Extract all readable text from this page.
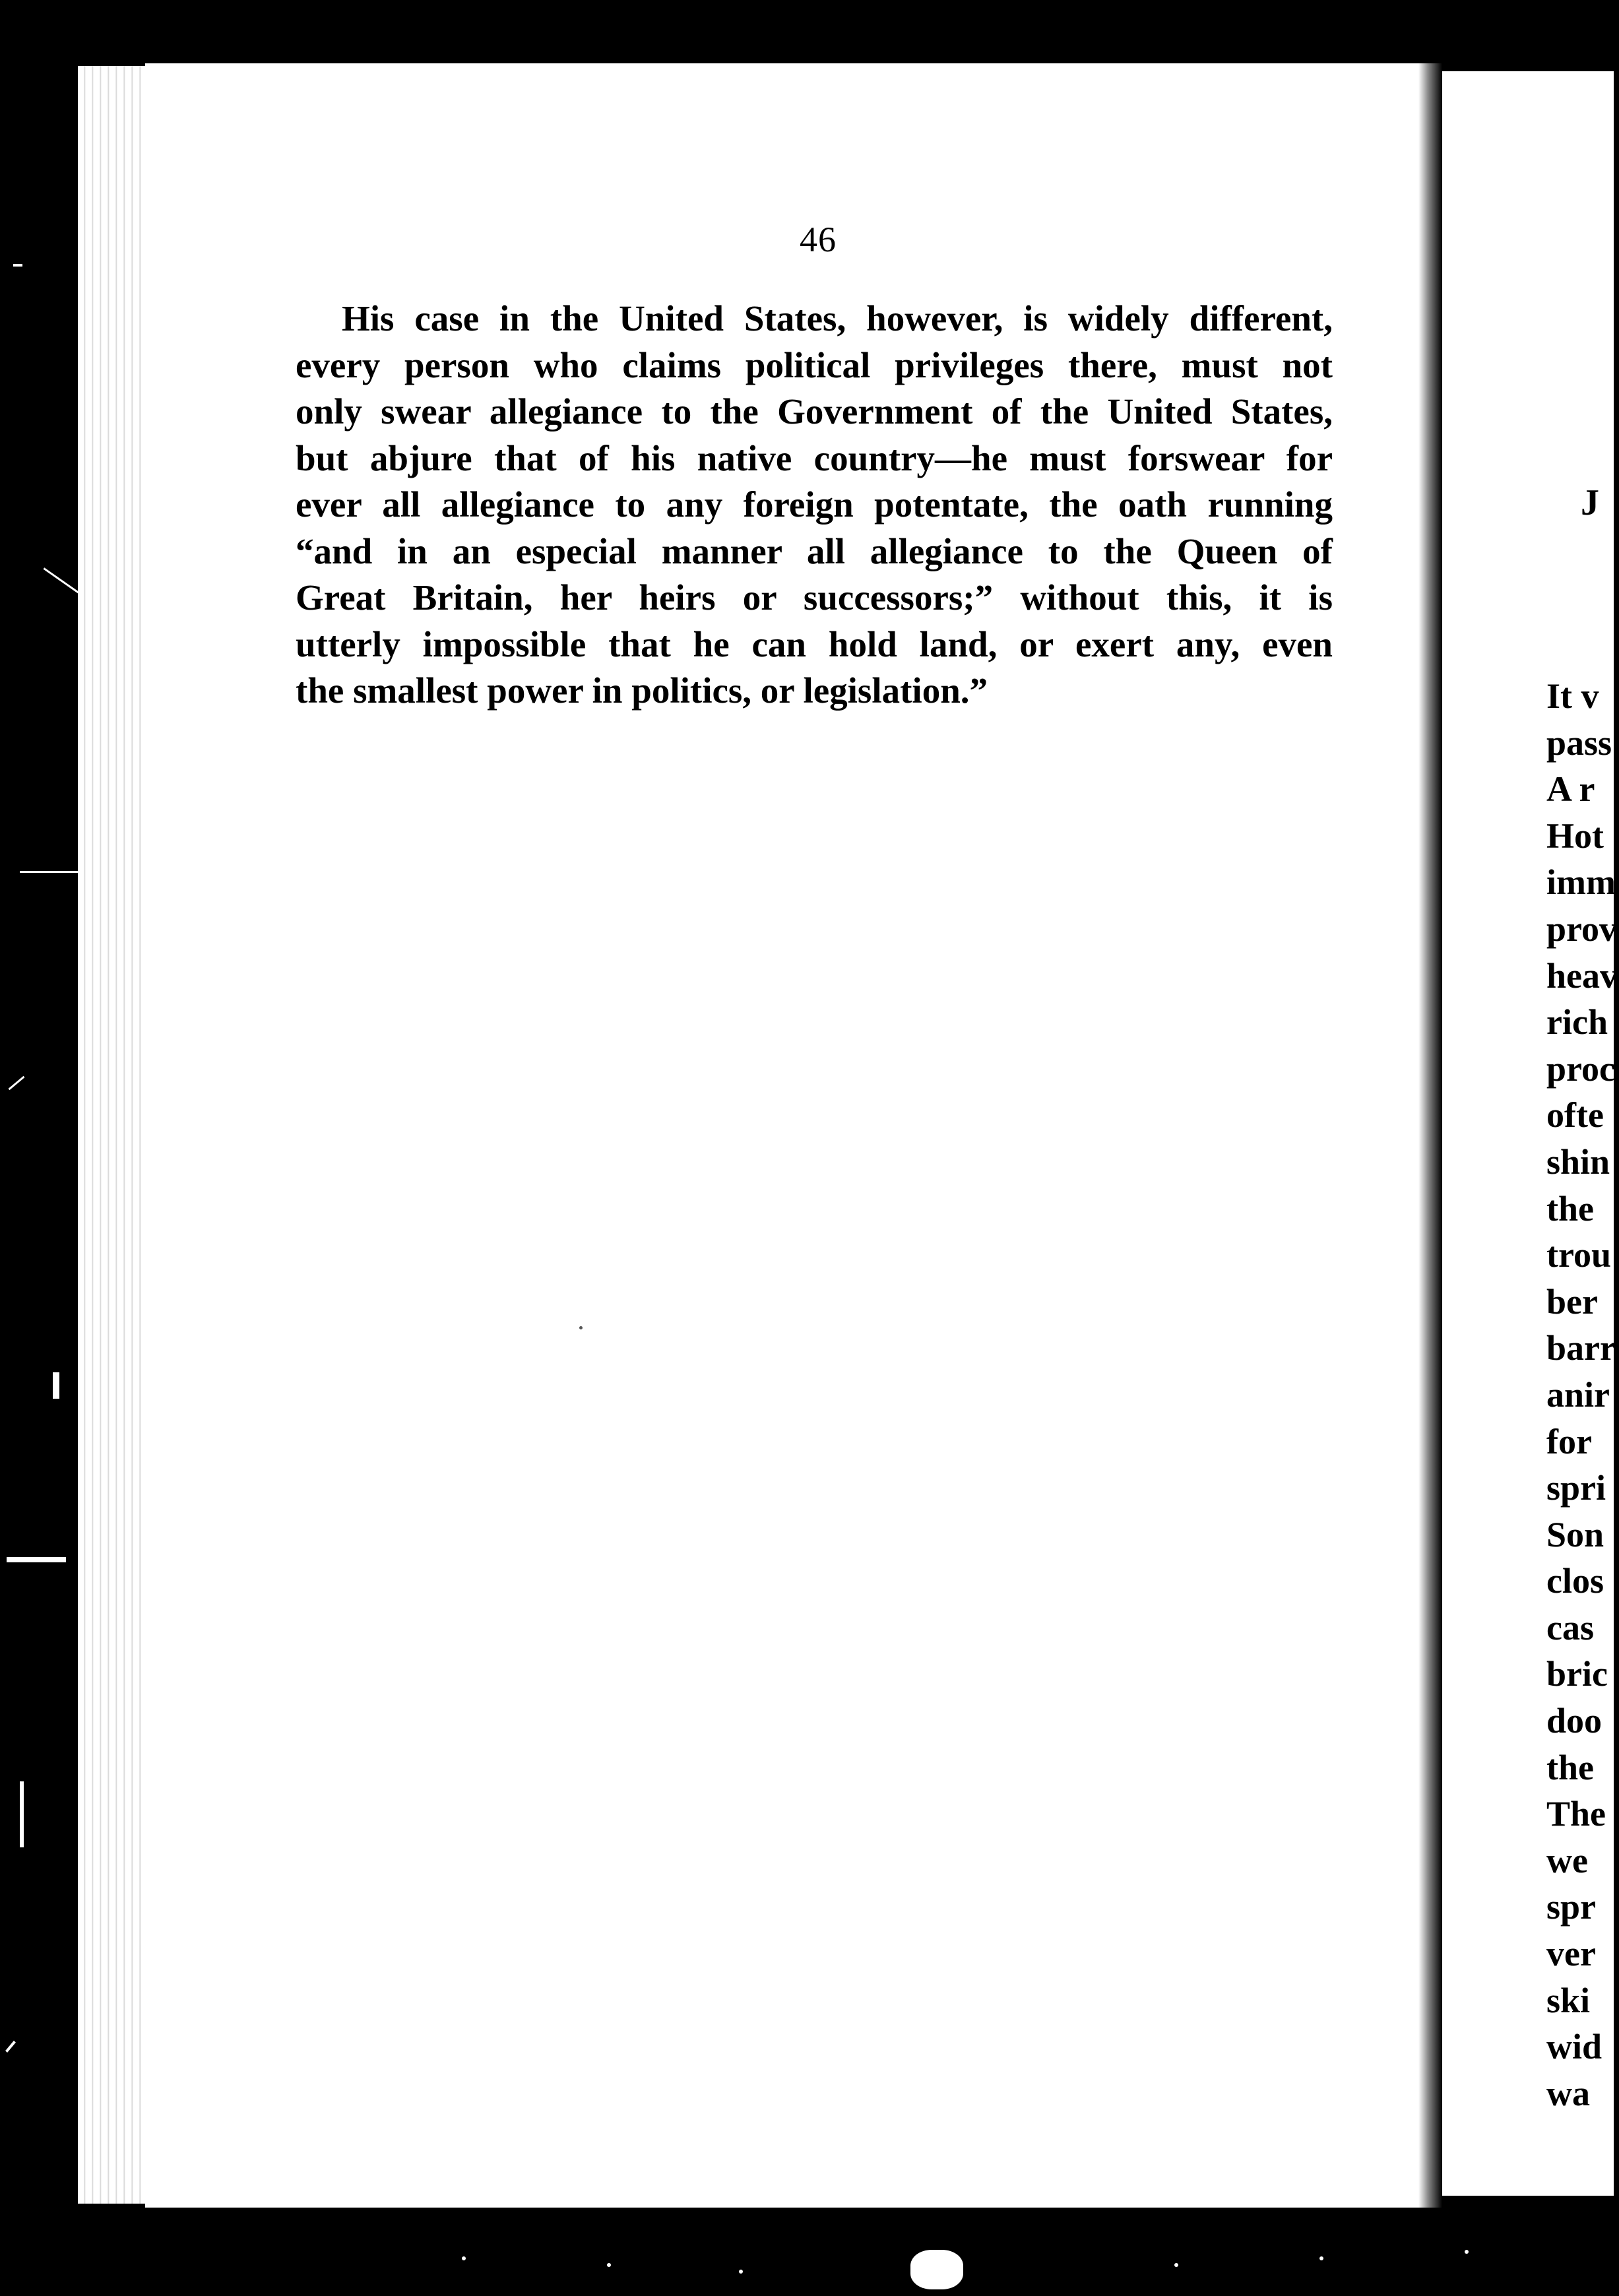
46
His case in the United States, however, is widely different,
every person who claims political privileges there, must not
only swear allegiance to the Government of the United States,
but abjure that of his native country—he must forswear for
ever all allegiance to any foreign potentate, the oath running
“and in an especial manner all allegiance to the Queen of
Great Britain, her heirs or successors;” without this, it is
utterly impossible that he can hold land, or exert any, even
the smallest power in politics, or legislation.”
J
It v
pass
A r
Hot
imm
prov
heav
rich
proc
ofte
shin
the
trou
ber
barr
anir
for
spri
Son
clos
cas
bric
doo
the
The
we
spr
ver
ski
wid
wa
